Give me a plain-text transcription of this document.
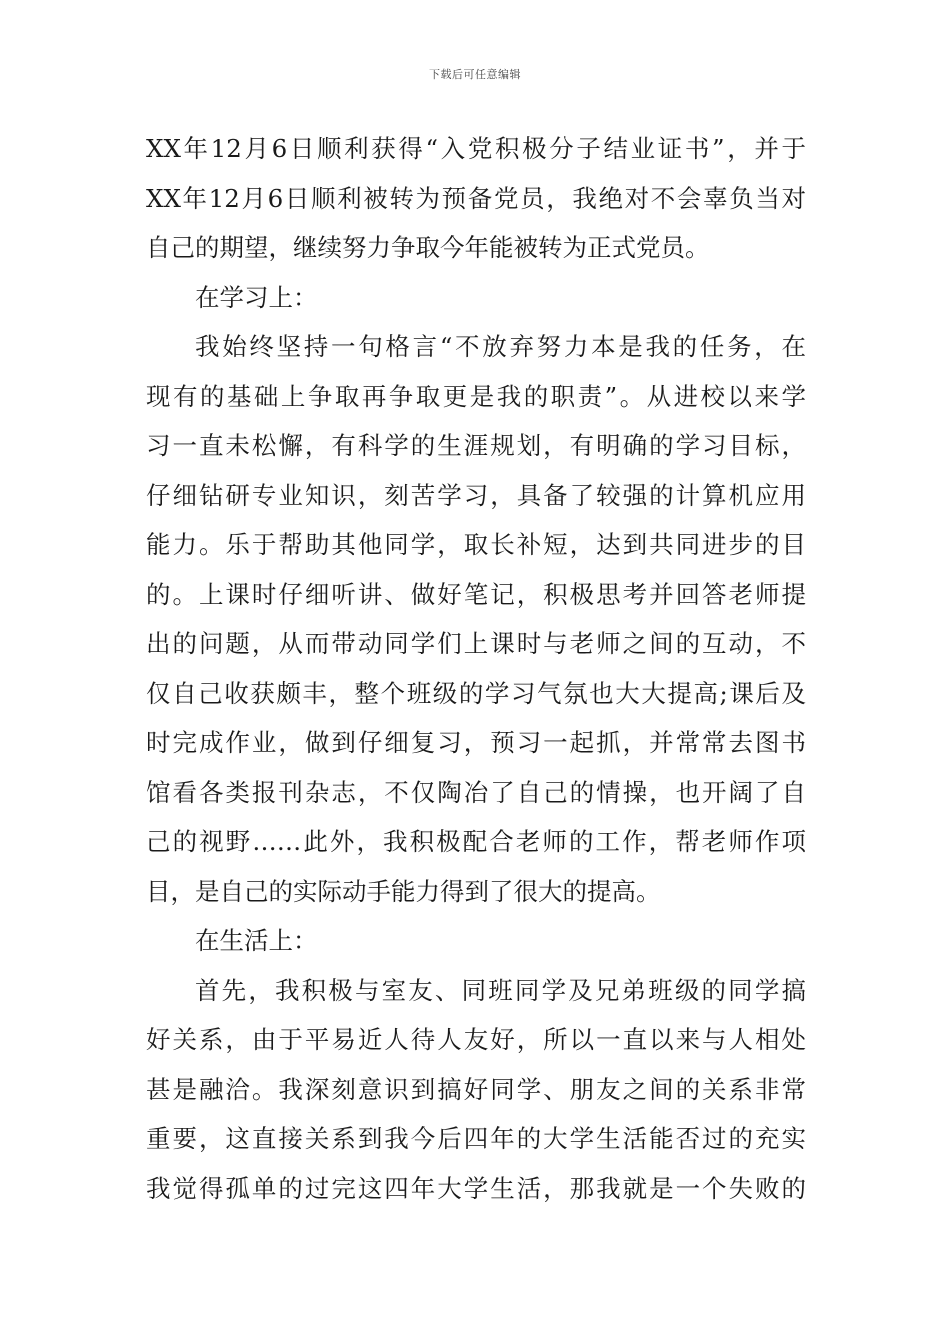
下载后可任意编辑
XX年12月6日顺利获得“入党积极分子结业证书”，并于
XX年12月6日顺利被转为预备党员，我绝对不会辜负当对
自己的期望，继续努力争取今年能被转为正式党员。
在学习上：
我始终坚持一句格言“不放弃努力本是我的任务，在
现有的基础上争取再争取更是我的职责”。从进校以来学
习一直未松懈，有科学的生涯规划，有明确的学习目标，
仔细钻研专业知识，刻苦学习，具备了较强的计算机应用
能力。乐于帮助其他同学，取长补短，达到共同进步的目
的。上课时仔细听讲、做好笔记，积极思考并回答老师提
出的问题，从而带动同学们上课时与老师之间的互动，不
仅自己收获颇丰，整个班级的学习气氛也大大提高;课后及
时完成作业，做到仔细复习，预习一起抓，并常常去图书
馆看各类报刊杂志，不仅陶冶了自己的情操，也开阔了自
己的视野……此外，我积极配合老师的工作，帮老师作项
目，是自己的实际动手能力得到了很大的提高。
在生活上：
首先，我积极与室友、同班同学及兄弟班级的同学搞
好关系，由于平易近人待人友好，所以一直以来与人相处
甚是融洽。我深刻意识到搞好同学、朋友之间的关系非常
重要，这直接关系到我今后四年的大学生活能否过的充实
我觉得孤单的过完这四年大学生活，那我就是一个失败的
